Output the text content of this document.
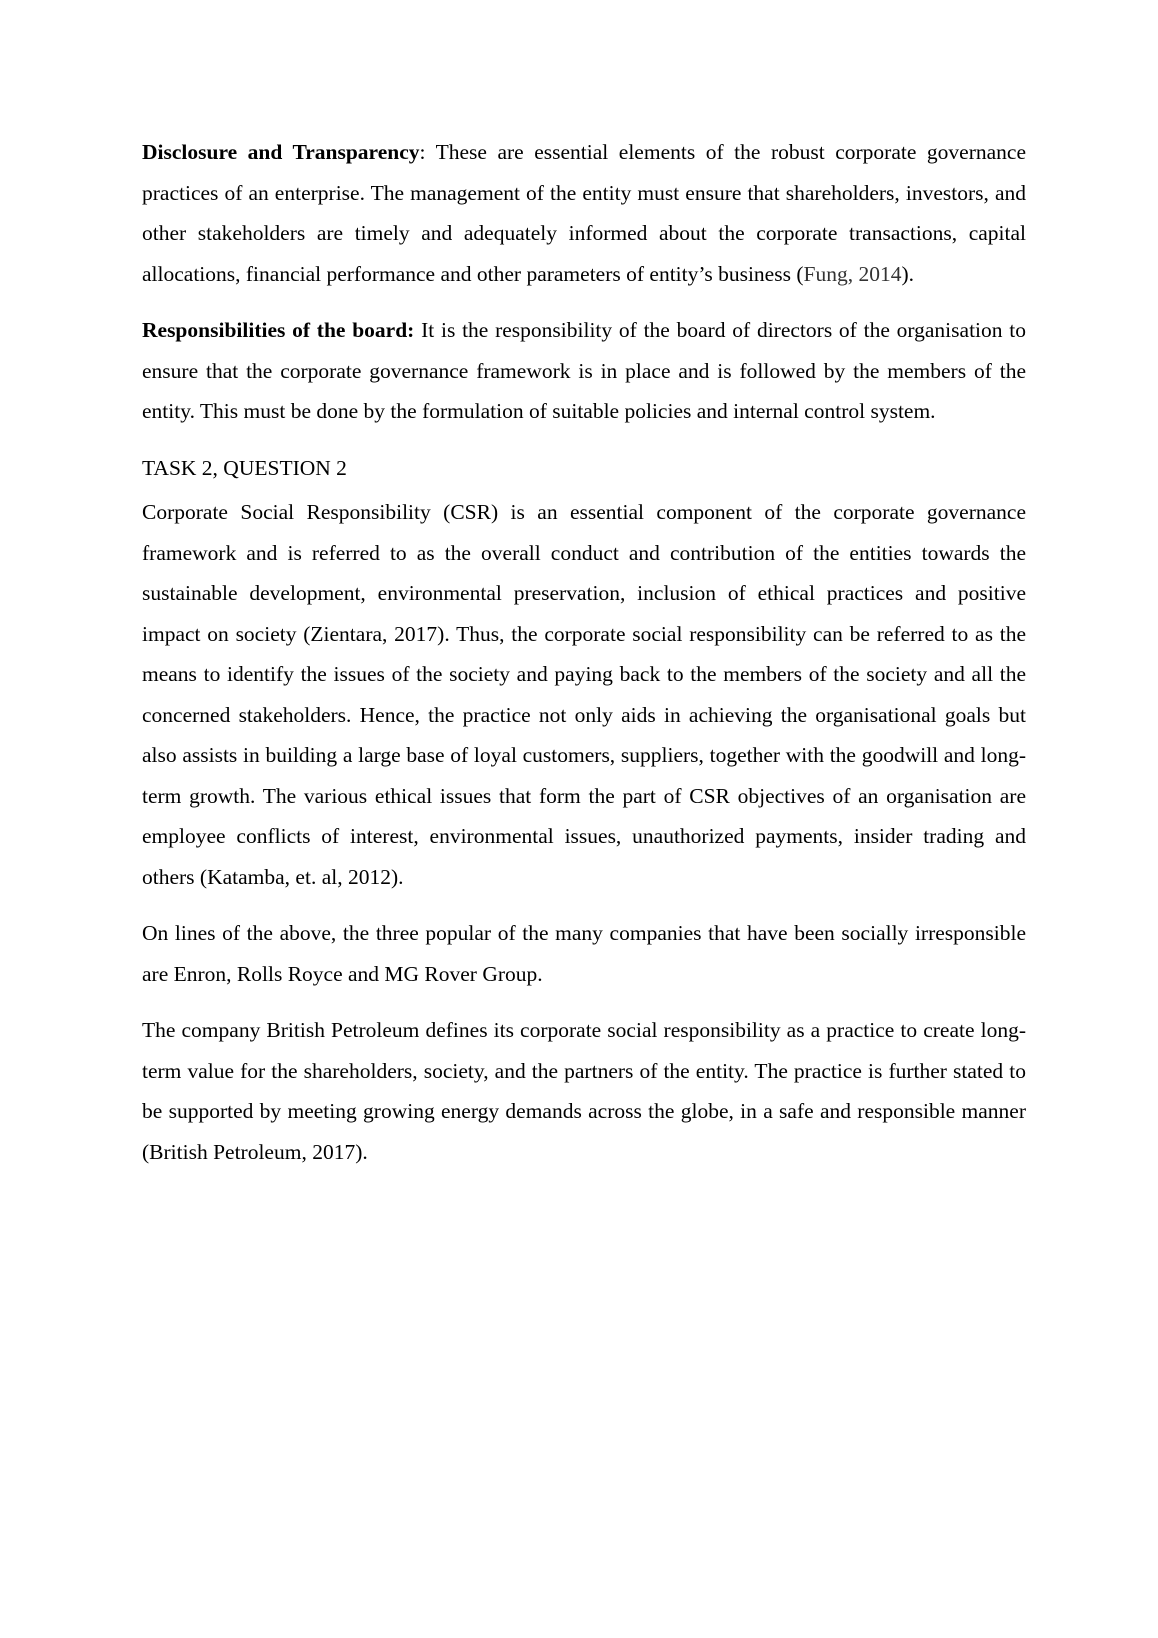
Disclosure and Transparency: These are essential elements of the robust corporate governance practices of an enterprise. The management of the entity must ensure that shareholders, investors, and other stakeholders are timely and adequately informed about the corporate transactions, capital allocations, financial performance and other parameters of entity’s business (Fung, 2014).

Responsibilities of the board: It is the responsibility of the board of directors of the organisation to ensure that the corporate governance framework is in place and is followed by the members of the entity. This must be done by the formulation of suitable policies and internal control system.

TASK 2, QUESTION 2

Corporate Social Responsibility (CSR) is an essential component of the corporate governance framework and is referred to as the overall conduct and contribution of the entities towards the sustainable development, environmental preservation, inclusion of ethical practices and positive impact on society (Zientara, 2017). Thus, the corporate social responsibility can be referred to as the means to identify the issues of the society and paying back to the members of the society and all the concerned stakeholders. Hence, the practice not only aids in achieving the organisational goals but also assists in building a large base of loyal customers, suppliers, together with the goodwill and long-term growth. The various ethical issues that form the part of CSR objectives of an organisation are employee conflicts of interest, environmental issues, unauthorized payments, insider trading and others (Katamba, et. al, 2012).

On lines of the above, the three popular of the many companies that have been socially irresponsible are Enron, Rolls Royce and MG Rover Group.

The company British Petroleum defines its corporate social responsibility as a practice to create long-term value for the shareholders, society, and the partners of the entity. The practice is further stated to be supported by meeting growing energy demands across the globe, in a safe and responsible manner (British Petroleum, 2017).
